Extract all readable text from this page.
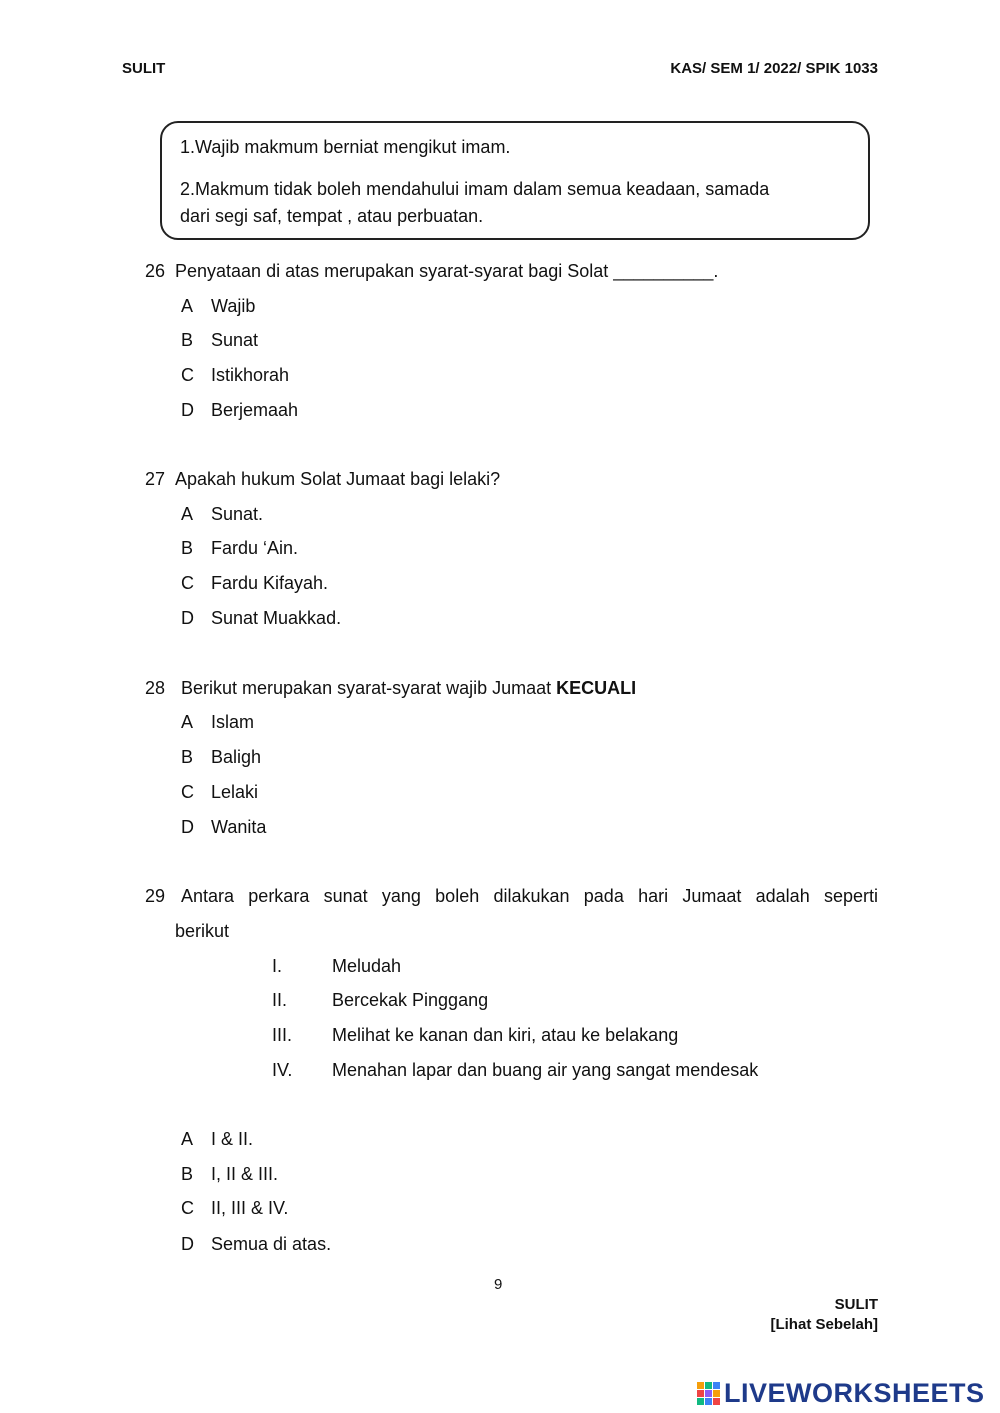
SULIT	KAS/ SEM 1/ 2022/ SPIK 1033

1.Wajib makmum berniat mengikut imam.

2.Makmum tidak boleh mendahului imam dalam semua keadaan, samada

dari segi saf, tempat , atau perbuatan.

26 Penyataan di atas merupakan syarat-syarat bagi Solat __________.
A Wajib
B Sunat
C Istikhorah
D Berjemaah
27 Apakah hukum Solat Jumaat bagi lelaki?
A Sunat.
B Fardu ‘Ain.
C Fardu Kifayah.
D Sunat Muakkad.
28 Berikut merupakan syarat-syarat wajib Jumaat KECUALI
A Islam
B Baligh
C Lelaki
D Wanita
29 Antara perkara sunat yang boleh dilakukan pada hari Jumaat adalah seperti
berikut
I.	Meludah
II. Bercekak Pinggang
III. Melihat ke kanan dan kiri, atau ke belakang
IV. Menahan lapar dan buang air yang sangat mendesak
A I & II.
B I, II & III.
C II, III & IV.
D Semua di atas.
9
SULIT
[Lihat Sebelah]
LIVEWORKSHEETS
